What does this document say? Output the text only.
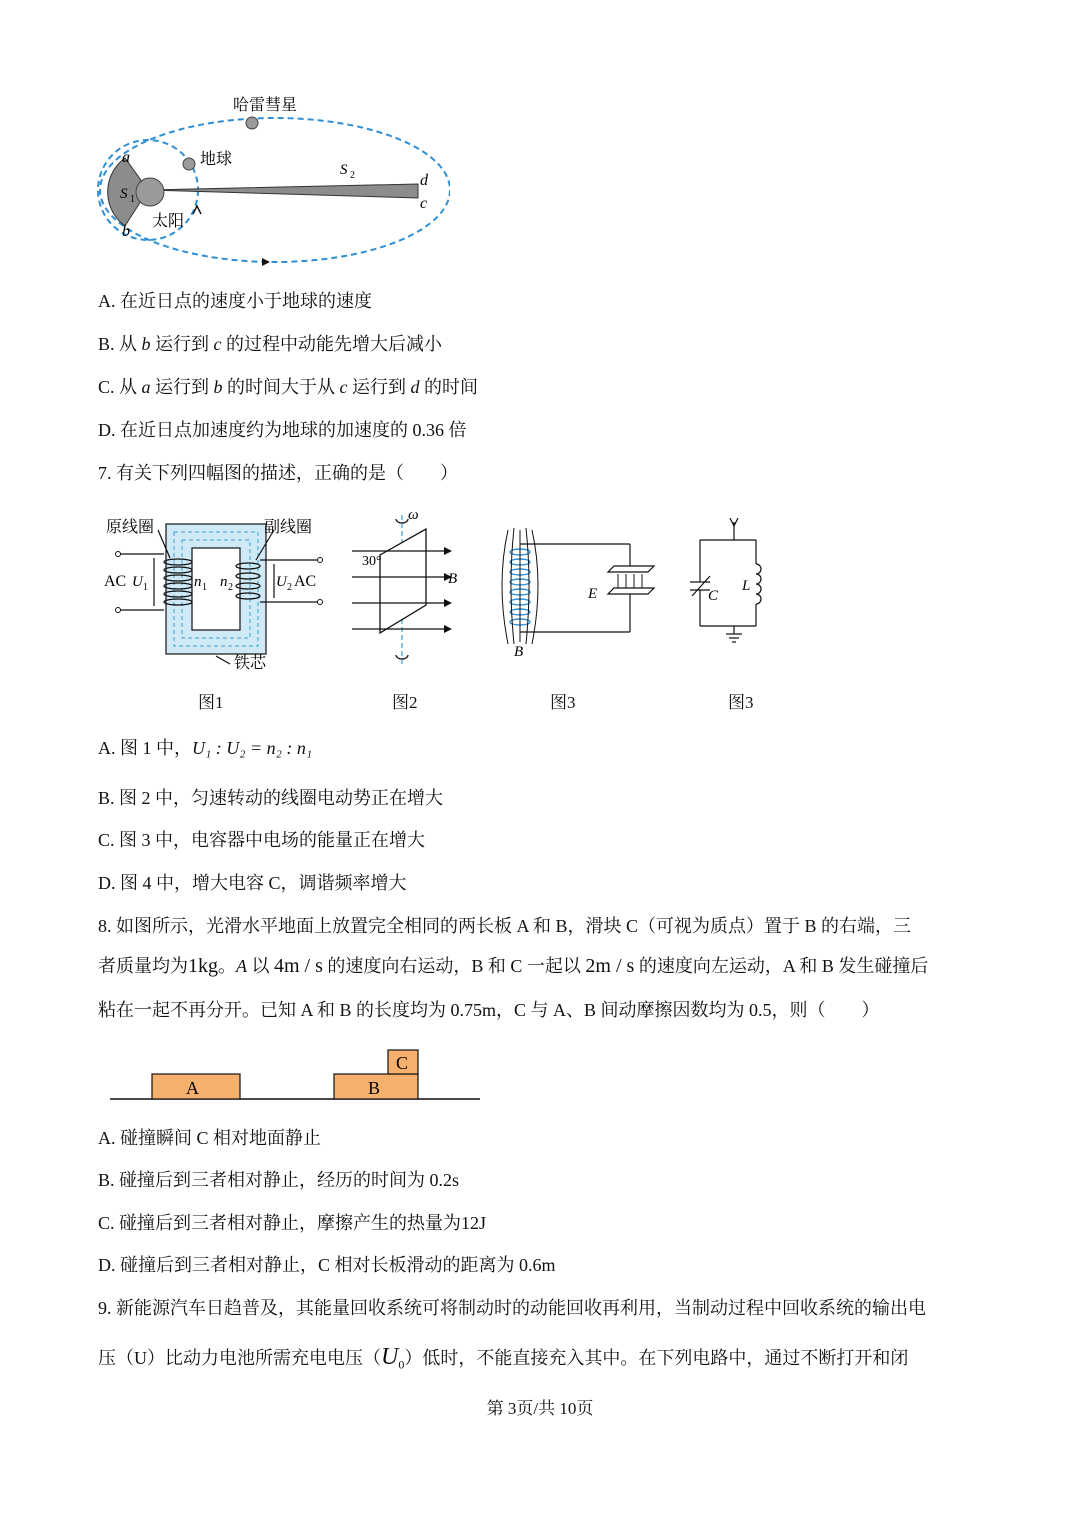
哈雷彗星
地球
太阳
a
b
d
c
S 1
S 2
A. 在近日点的速度小于地球的速度
B. 从 b 运行到 c 的过程中动能先增大后减小
C. 从 a 运行到 b 的时间大于从 c 运行到 d 的时间
D. 在近日点加速度约为地球的加速度的 0.36 倍
7. 有关下列四幅图的描述，正确的是（　　）
原线圈	副线圈
铁芯
AC U 1	n 1 n 2	U 2 AC
图1
ω
30°
B
图2
E
B
图3
C
L
图3
A. 图 1 中，U₁ : U₂ = n₂ : n₁
B. 图 2 中，匀速转动的线圈电动势正在增大
C. 图 3 中，电容器中电场的能量正在增大
D. 图 4 中，增大电容 C，调谐频率增大
8. 如图所示，光滑水平地面上放置完全相同的两长板 A 和 B，滑块 C（可视为质点）置于 B 的右端，三
者质量均为1kg。A 以 4m / s 的速度向右运动，B 和 C 一起以 2m / s 的速度向左运动，A 和 B 发生碰撞后
粘在一起不再分开。已知 A 和 B 的长度均为 0.75m，C 与 A、B 间动摩擦因数均为 0.5，则（　　）
A	B
C
A. 碰撞瞬间 C 相对地面静止
B. 碰撞后到三者相对静止，经历的时间为 0.2s
C. 碰撞后到三者相对静止，摩擦产生的热量为12J
D. 碰撞后到三者相对静止，C 相对长板滑动的距离为 0.6m
9. 新能源汽车日趋普及，其能量回收系统可将制动时的动能回收再利用，当制动过程中回收系统的输出电
压（U）比动力电池所需充电电压$(U_0)$低时，不能直接充入其中。在下列电路中，通过不断打开和闭
第 3页/共 10页
